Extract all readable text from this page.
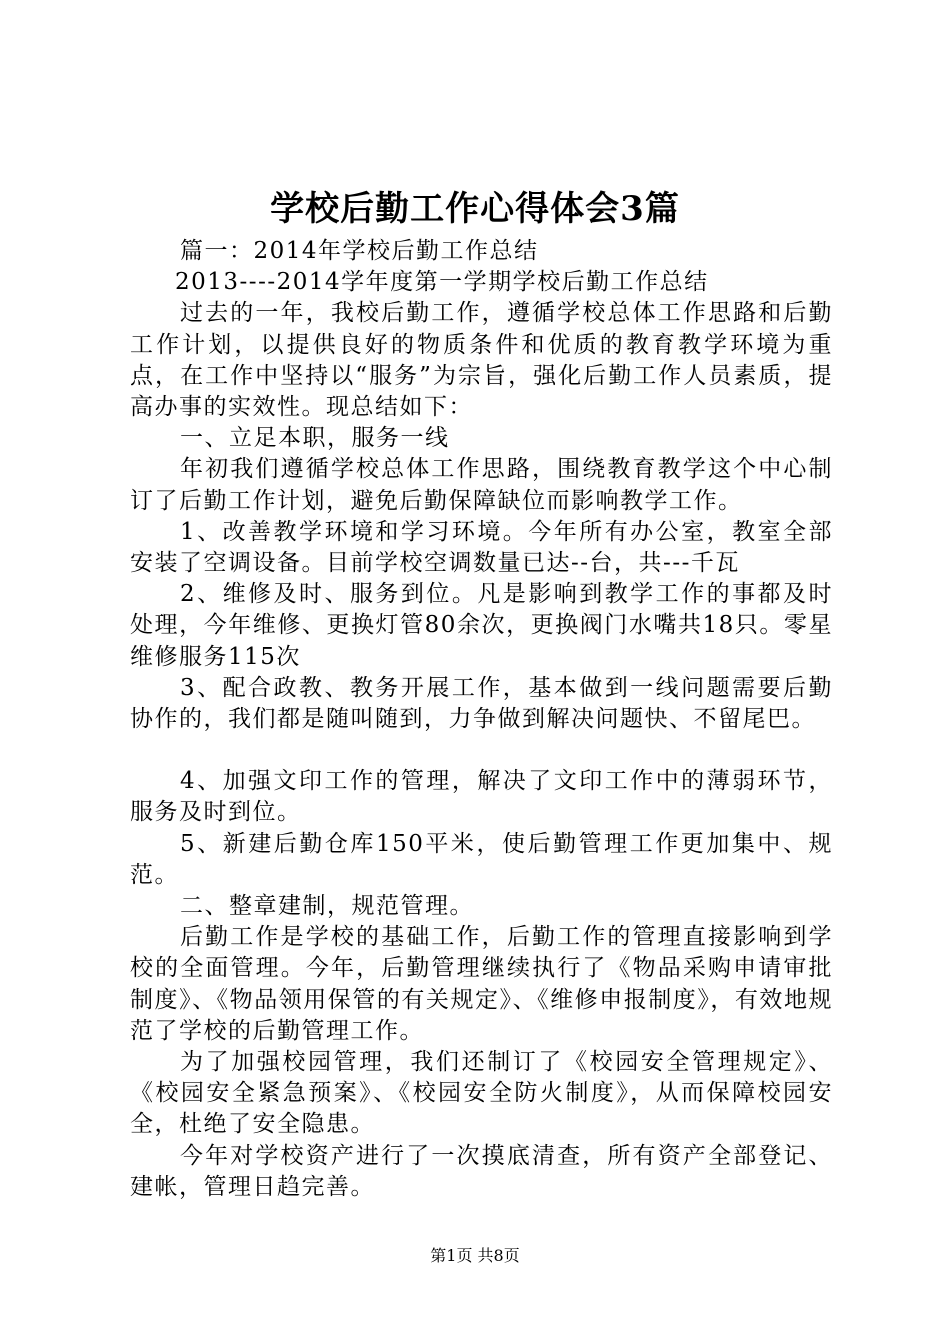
学校后勤工作心得体会3篇

篇一：2014年学校后勤工作总结

2013----2014学年度第一学期学校后勤工作总结

过去的一年，我校后勤工作，遵循学校总体工作思路和后勤工作计划，以提供良好的物质条件和优质的教育教学环境为重点，在工作中坚持以“服务”为宗旨，强化后勤工作人员素质，提高办事的实效性。现总结如下：

一、立足本职，服务一线

年初我们遵循学校总体工作思路，围绕教育教学这个中心制订了后勤工作计划，避免后勤保障缺位而影响教学工作。

1、改善教学环境和学习环境。今年所有办公室，教室全部安装了空调设备。目前学校空调数量已达--台，共---千瓦

2、维修及时、服务到位。凡是影响到教学工作的事都及时处理，今年维修、更换灯管80余次，更换阀门水嘴共18只。零星维修服务115次

3、配合政教、教务开展工作，基本做到一线问题需要后勤协作的，我们都是随叫随到，力争做到解决问题快、不留尾巴。

4、加强文印工作的管理，解决了文印工作中的薄弱环节，服务及时到位。

5、新建后勤仓库150平米，使后勤管理工作更加集中、规范。

二、整章建制，规范管理。

后勤工作是学校的基础工作，后勤工作的管理直接影响到学校的全面管理。今年，后勤管理继续执行了《物品采购申请审批制度》、《物品领用保管的有关规定》、《维修申报制度》，有效地规范了学校的后勤管理工作。

为了加强校园管理，我们还制订了《校园安全管理规定》、《校园安全紧急预案》、《校园安全防火制度》，从而保障校园安全，杜绝了安全隐患。

今年对学校资产进行了一次摸底清查，所有资产全部登记、建帐，管理日趋完善。

第1页 共8页
